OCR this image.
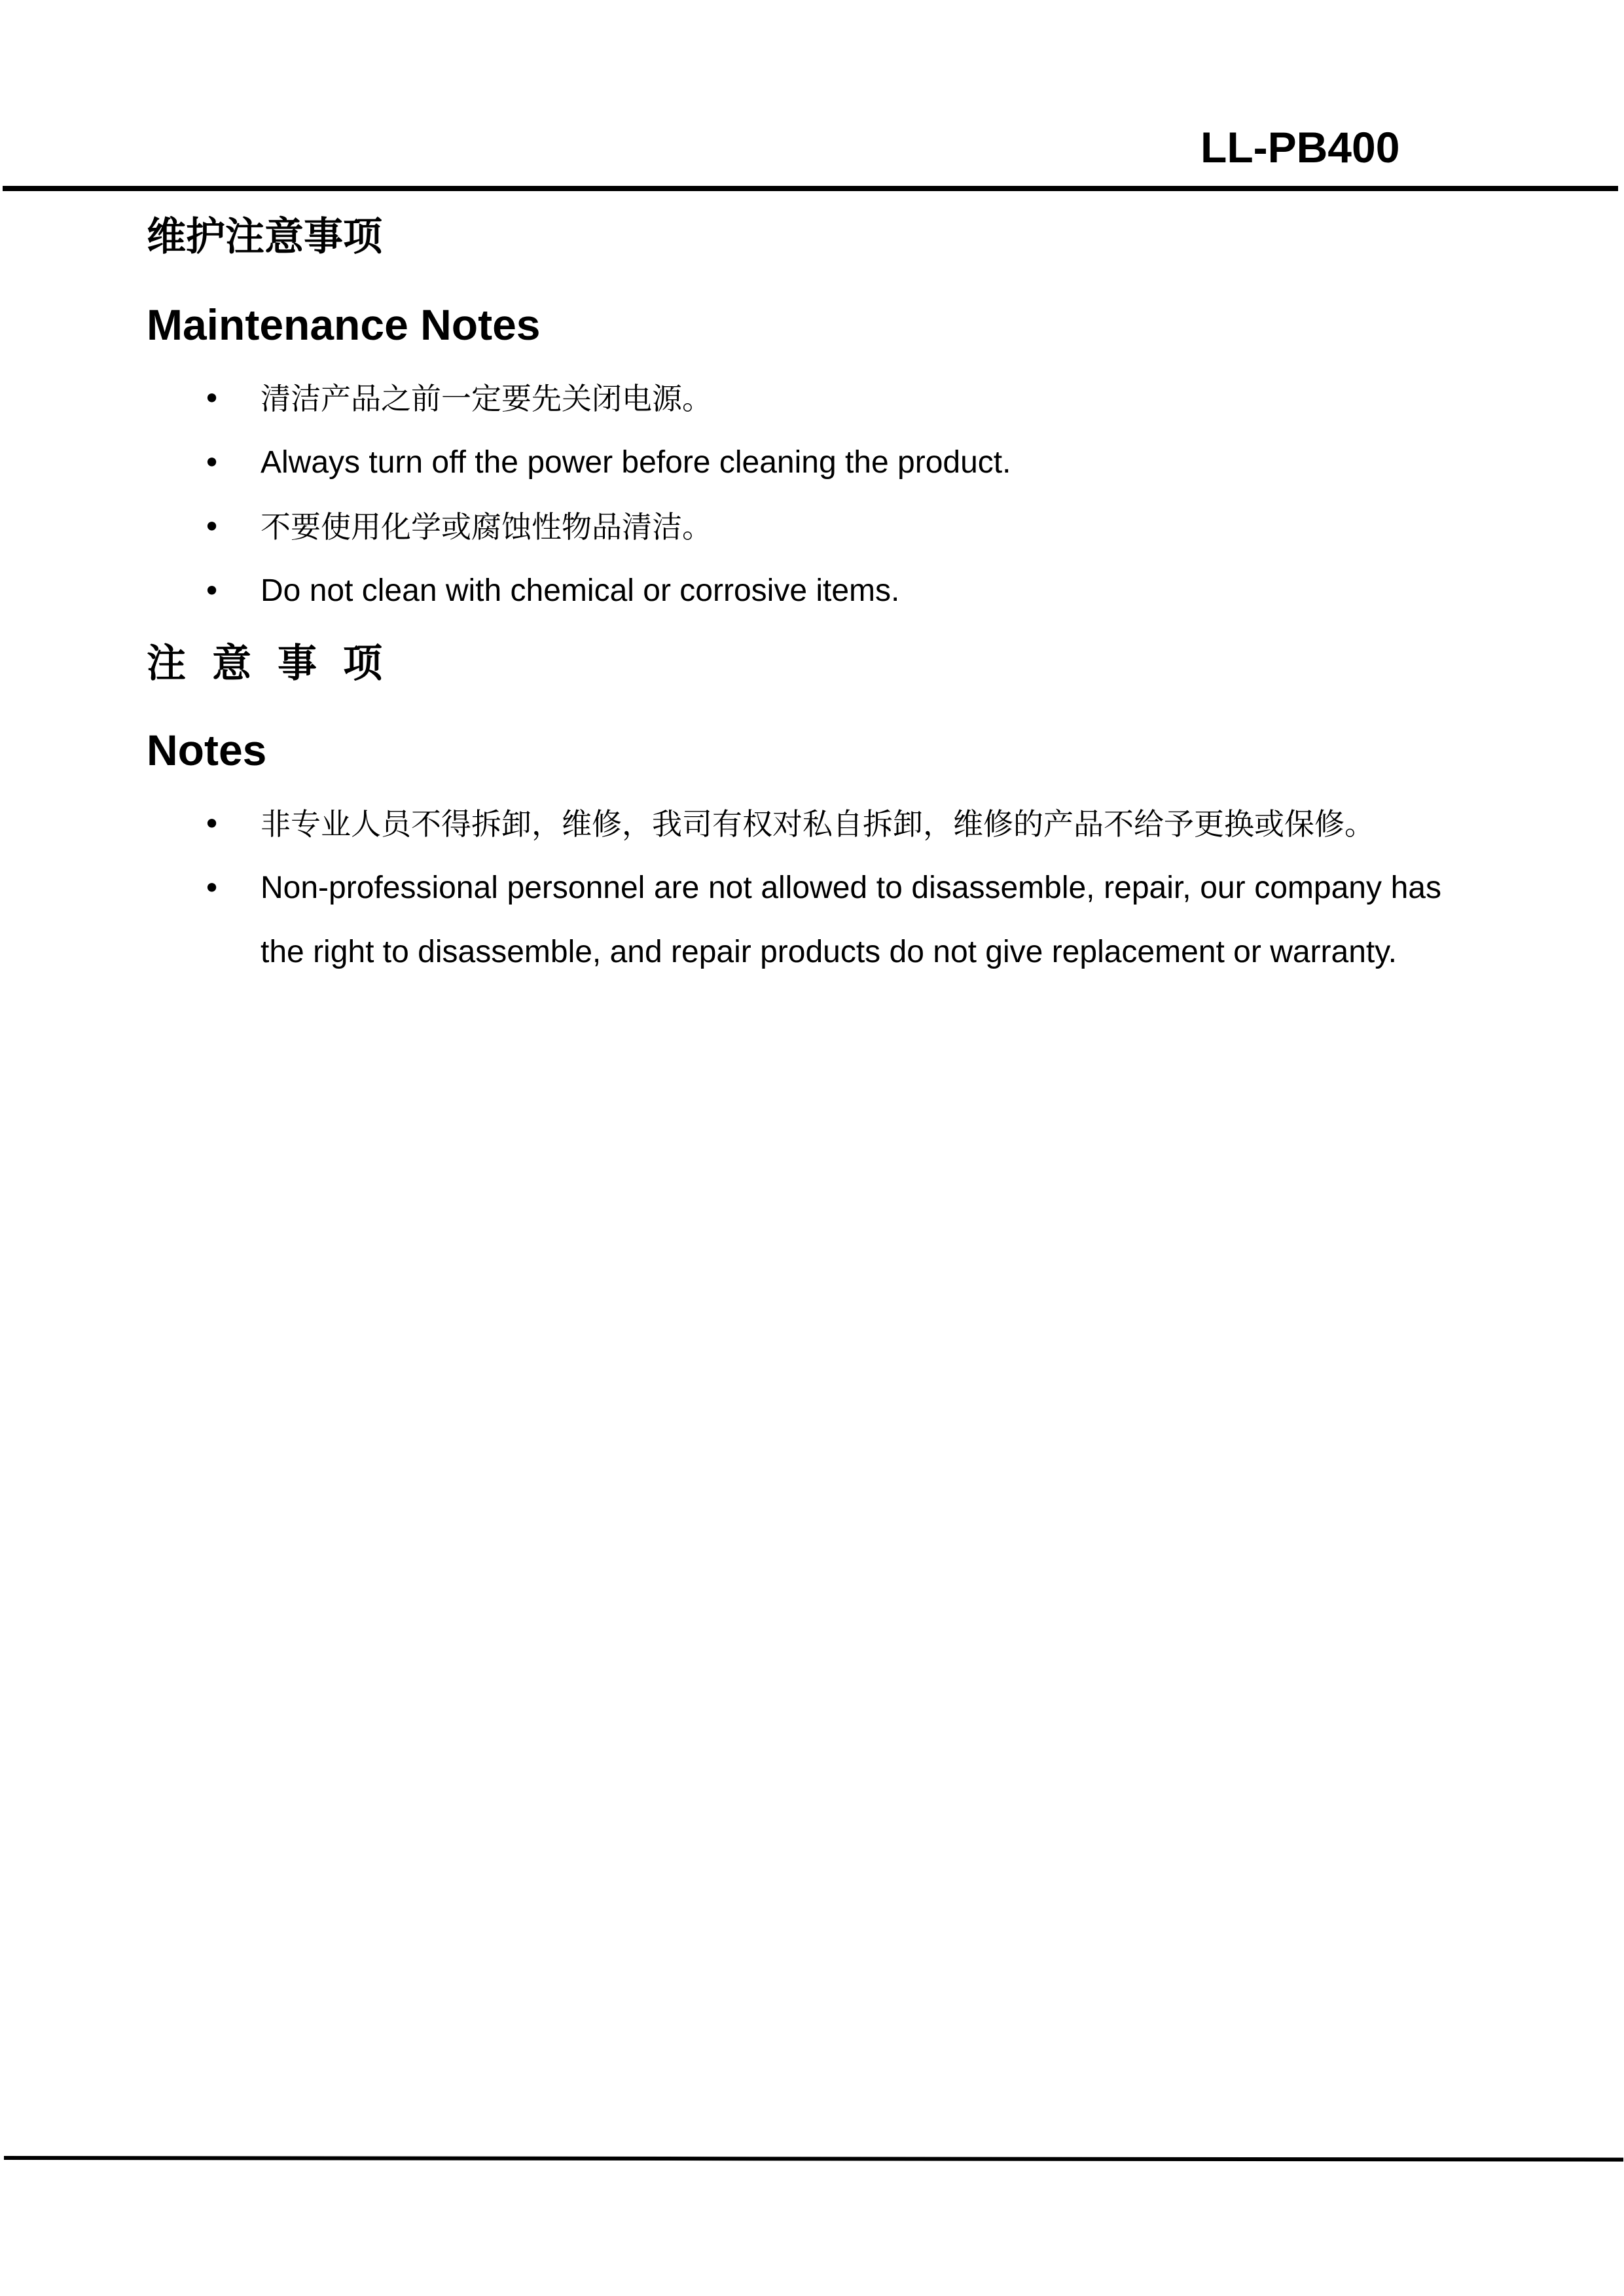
LL-PB400
维护注意事项
Maintenance Notes
• 清洁产品之前一定要先关闭电源。
• Always turn off the power before cleaning the product.
• 不要使用化学或腐蚀性物品清洁。
• Do not clean with chemical or corrosive items.
注意事项
Notes
• 非专业人员不得拆卸，维修，我司有权对私自拆卸，维修的产品不给予更换或保修。
• Non-professional personnel are not allowed to disassemble, repair, our company has the right to disassemble, and repair products do not give replacement or warranty.
